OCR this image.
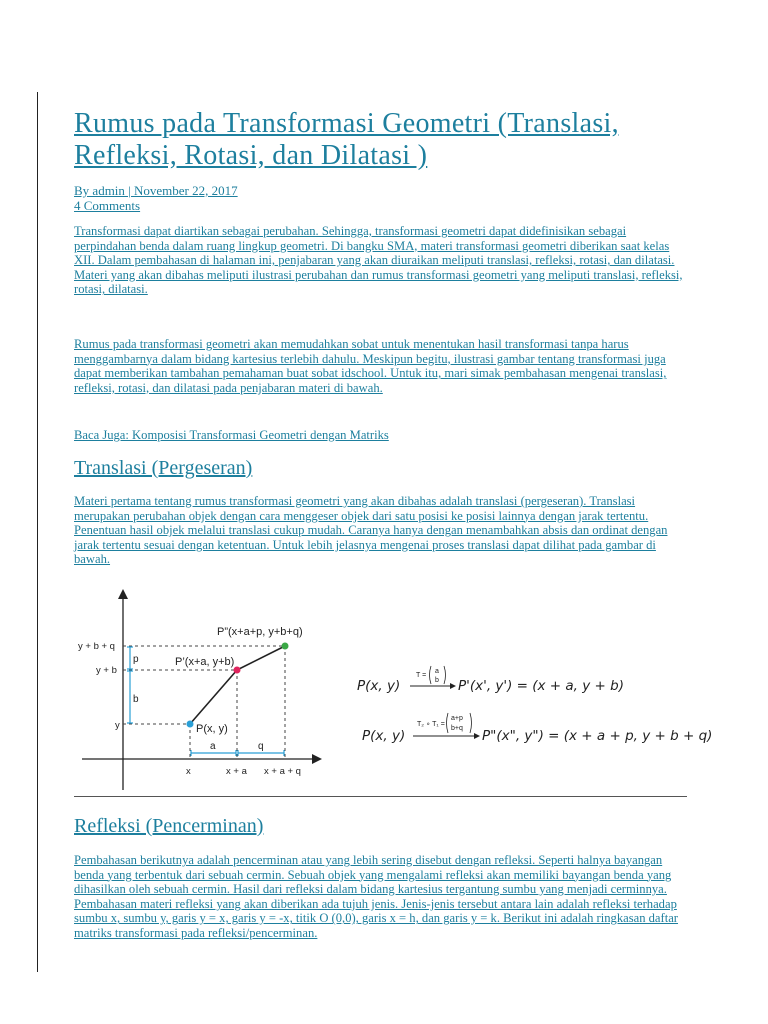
Rumus pada Transformasi Geometri (Translasi, Refleksi, Rotasi, dan Dilatasi )
By admin | November 22, 2017
4 Comments

Transformasi dapat diartikan sebagai perubahan. Sehingga, transformasi geometri dapat didefinisikan sebagai perpindahan benda dalam ruang lingkup geometri. Di bangku SMA, materi transformasi geometri diberikan saat kelas XII. Dalam pembahasan di halaman ini, penjabaran yang akan diuraikan meliputi translasi, refleksi, rotasi, dan dilatasi. Materi yang akan dibahas meliputi ilustrasi perubahan dan rumus transformasi geometri yang meliputi translasi, refleksi, rotasi, dilatasi.

Rumus pada transformasi geometri akan memudahkan sobat untuk menentukan hasil transformasi tanpa harus menggambarnya dalam bidang kartesius terlebih dahulu. Meskipun begitu, ilustrasi gambar tentang transformasi juga dapat memberikan tambahan pemahaman buat sobat idschool. Untuk itu, mari simak pembahasan mengenai translasi, refleksi, rotasi, dan dilatasi pada penjabaran materi di bawah.

Baca Juga: Komposisi Transformasi Geometri dengan Matriks

Translasi (Pergeseran)

Materi pertama tentang rumus transformasi geometri yang akan dibahas adalah translasi (pergeseran). Translasi merupakan perubahan objek dengan cara menggeser objek dari satu posisi ke posisi lainnya dengan jarak tertentu. Penentuan hasil objek melalui translasi cukup mudah. Caranya hanya dengan menambahkan absis dan ordinat dengan jarak tertentu sesuai dengan ketentuan. Untuk lebih jelasnya mengenai proses translasi dapat dilihat pada gambar di bawah.

Refleksi (Pencerminan)

Pembahasan berikutnya adalah pencerminan atau yang lebih sering disebut dengan refleksi. Seperti halnya bayangan benda yang terbentuk dari sebuah cermin. Sebuah objek yang mengalami refleksi akan memiliki bayangan benda yang dihasilkan oleh sebuah cermin. Hasil dari refleksi dalam bidang kartesius tergantung sumbu yang menjadi cerminnya. Pembahasan materi refleksi yang akan diberikan ada tujuh jenis. Jenis-jenis tersebut antara lain adalah refleksi terhadap sumbu x, sumbu y, garis y = x, garis y = -x, titik O (0,0), garis x = h, dan garis y = k. Berikut ini adalah ringkasan daftar matriks transformasi pada refleksi/pencerminan.

P”(x+a+p, y+b+q)
P’(x+a, y+b)
P(x, y)
y + b + q
y + b
y
x	x + a x + a + q
p
b
a	q
P(x, y)
T =
a
b P'(x', y') = (x + a, y + b)
P(x, y)
T₂ ∘ T₁ =
a+p
b+q P"(x", y") = (x + a + p, y + b + q)
